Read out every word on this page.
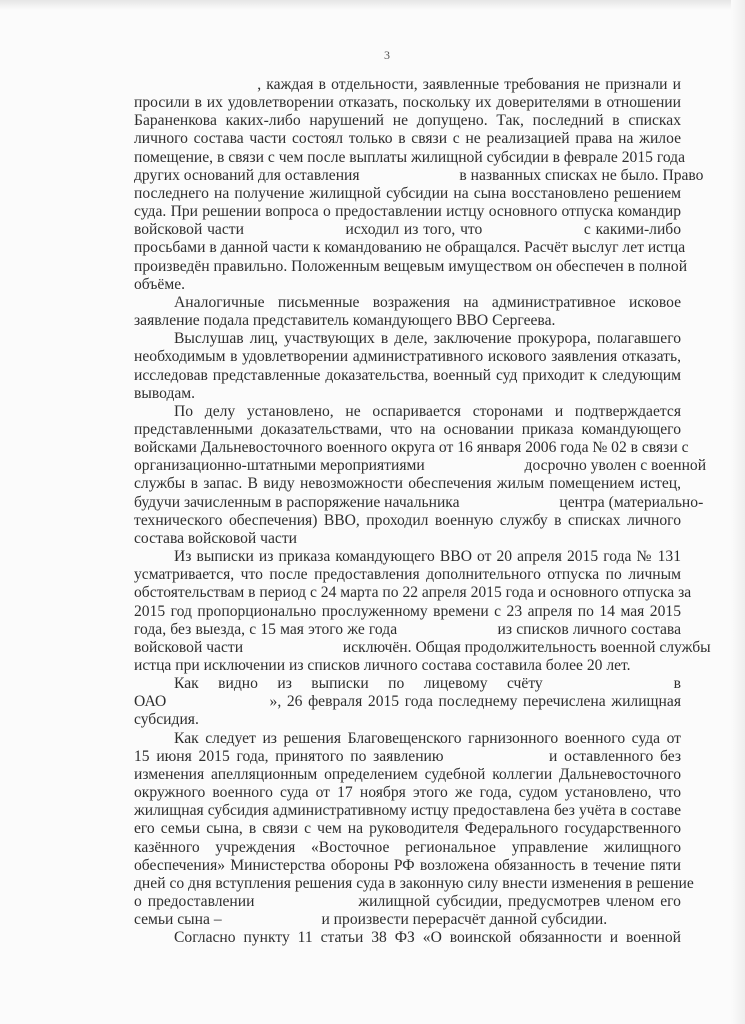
3
, каждая в отдельности, заявленные требования не признали и
просили в их удовлетворении отказать, поскольку их доверителями в отношении
Бараненкова каких-либо нарушений не допущено. Так, последний в списках
личного состава части состоял только в связи с не реализацией права на жилое
помещение, в связи с чем после выплаты жилищной субсидии в феврале 2015 года
других оснований для оставления	в названных списках не было. Право
последнего на получение жилищной субсидии на сына восстановлено решением
суда. При решении вопроса о предоставлении истцу основного отпуска командир
войсковой части	исходил из того, что	с какими-либо
просьбами в данной части к командованию не обращался. Расчёт выслуг лет истца
произведён правильно. Положенным вещевым имуществом он обеспечен в полной
объёме.
Аналогичные письменные возражения на административное исковое
заявление подала представитель командующего ВВО Сергеева.
Выслушав лиц, участвующих в деле, заключение прокурора, полагавшего
необходимым в удовлетворении административного искового заявления отказать,
исследовав представленные доказательства, военный суд приходит к следующим
выводам.
По делу установлено, не оспаривается сторонами и подтверждается
представленными доказательствами, что на основании приказа командующего
войсками Дальневосточного военного округа от 16 января 2006 года № 02 в связи с
организационно-штатными мероприятиями	досрочно уволен с военной
службы в запас. В виду невозможности обеспечения жилым помещением истец,
будучи зачисленным в распоряжение начальника	центра (материально-
технического обеспечения) ВВО, проходил военную службу в списках личного
состава войсковой части
Из выписки из приказа командующего ВВО от 20 апреля 2015 года № 131
усматривается, что после предоставления дополнительного отпуска по личным
обстоятельствам в период с 24 марта по 22 апреля 2015 года и основного отпуска за
2015 год пропорционально прослуженному времени с 23 апреля по 14 мая 2015
года, без выезда, с 15 мая этого же года	из списков личного состава
войсковой части	исключён. Общая продолжительность военной службы
истца при исключении из списков личного состава составила более 20 лет.
Как видно из выписки по лицевому счёту	в
ОАО	», 26 февраля 2015 года последнему перечислена жилищная
субсидия.
Как следует из решения Благовещенского гарнизонного военного суда от
15 июня 2015 года, принятого по заявлению	и оставленного без
изменения апелляционным определением судебной коллегии Дальневосточного
окружного военного суда от 17 ноября этого же года, судом установлено, что
жилищная субсидия административному истцу предоставлена без учёта в составе
его семьи сына, в связи с чем на руководителя Федерального государственного
казённого учреждения «Восточное региональное управление жилищного
обеспечения» Министерства обороны РФ возложена обязанность в течение пяти
дней со дня вступления решения суда в законную силу внести изменения в решение
о предоставлении	жилищной субсидии, предусмотрев членом его
семьи сына –	и произвести перерасчёт данной субсидии.
Согласно пункту 11 статьи 38 ФЗ «О воинской обязанности и военной
